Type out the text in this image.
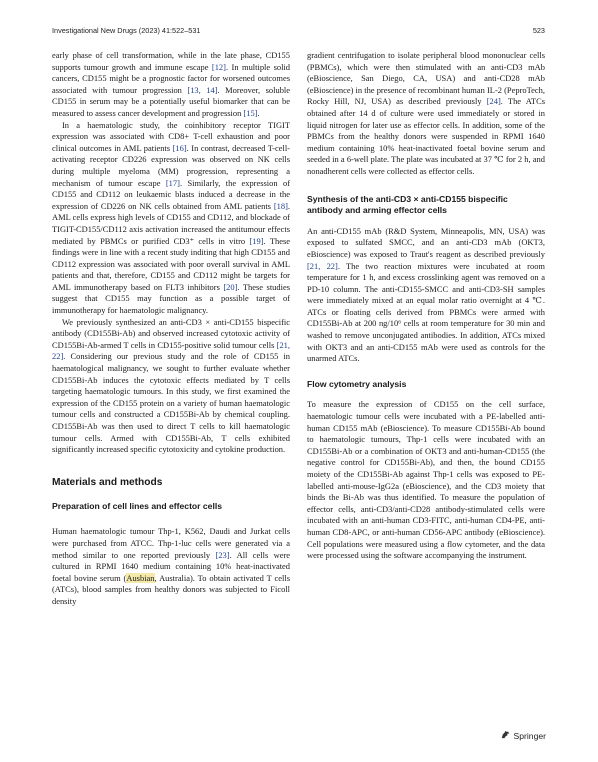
Investigational New Drugs (2023) 41:522–531	523

early phase of cell transformation, while in the late phase, CD155 supports tumour growth and immune escape [12]. In multiple solid cancers, CD155 might be a prognostic factor for worsened outcomes associated with tumour progression [13, 14]. Moreover, soluble CD155 in serum may be a potentially useful biomarker that can be measured to assess cancer development and progression [15].

In a haematologic study, the coinhibitory receptor TIGIT expression was associated with CD8+ T-cell exhaustion and poor clinical outcomes in AML patients [16]. In contrast, decreased T-cell-activating receptor CD226 expression was observed on NK cells during multiple myeloma (MM) progression, representing a mechanism of tumour escape [17]. Similarly, the expression of CD155 and CD112 on leukaemic blasts induced a decrease in the expression of CD226 on NK cells obtained from AML patients [18]. AML cells express high levels of CD155 and CD112, and blockade of TIGIT-CD155/CD112 axis activation increased the antitumour effects mediated by PBMCs or purified CD3⁺ cells in vitro [19]. These findings were in line with a recent study inditing that high CD155 and CD112 expression was associated with poor overall survival in AML patients and that, therefore, CD155 and CD112 might be targets for AML immunotherapy based on FLT3 inhibitors [20]. These studies suggest that CD155 may function as a possible target of immunotherapy for haematologic malignancy.

We previously synthesized an anti-CD3 × anti-CD155 bispecific antibody (CD155Bi-Ab) and observed increased cytotoxic activity of CD155Bi-Ab-armed T cells in CD155-positive solid tumour cells [21, 22]. Considering our previous study and the role of CD155 in haematological malignancy, we sought to further evaluate whether CD155Bi-Ab induces the cytotoxic effects mediated by T cells targeting haematologic tumours. In this study, we first examined the expression of the CD155 protein on a variety of human haematologic tumour cells and constructed a CD155Bi-Ab by chemical coupling. CD155Bi-Ab was then used to direct T cells to kill haematologic tumour cells. Armed with CD155Bi-Ab, T cells exhibited significantly increased specific cytotoxicity and cytokine production.

Materials and methods
Preparation of cell lines and effector cells

Human haematologic tumour Thp-1, K562, Daudi and Jurkat cells were purchased from ATCC. Thp-1-luc cells were generated via a method similar to one reported previously [23]. All cells were cultured in RPMI 1640 medium containing 10% heat-inactivated foetal bovine serum (Ausbian, Australia). To obtain activated T cells (ATCs), blood samples from healthy donors was subjected to Ficoll density

gradient centrifugation to isolate peripheral blood mononuclear cells (PBMCs), which were then stimulated with an anti-CD3 mAb (eBioscience, San Diego, CA, USA) and anti-CD28 mAb (eBioscience) in the presence of recombinant human IL-2 (PeproTech, Rocky Hill, NJ, USA) as described previously [24]. The ATCs obtained after 14 d of culture were used immediately or stored in liquid nitrogen for later use as effector cells. In addition, some of the PBMCs from the healthy donors were suspended in RPMI 1640 medium containing 10% heat-inactivated foetal bovine serum and seeded in a 6-well plate. The plate was incubated at 37 ℃ for 2 h, and nonadherent cells were collected as effector cells.

Synthesis of the anti-CD3 × anti-CD155 bispecific antibody and arming effector cells

An anti-CD155 mAb (R&D System, Minneapolis, MN, USA) was exposed to sulfated SMCC, and an anti-CD3 mAb (OKT3, eBioscience) was exposed to Traut's reagent as described previously [21, 22]. The two reaction mixtures were incubated at room temperature for 1 h, and excess crosslinking agent was removed on a PD-10 column. The anti-CD155-SMCC and anti-CD3-SH samples were immediately mixed at an equal molar ratio overnight at 4 ℃. ATCs or floating cells derived from PBMCs were armed with CD155Bi-Ab at 200 ng/10⁶ cells at room temperature for 30 min and washed to remove unconjugated antibodies. In addition, ATCs mixed with OKT3 and an anti-CD155 mAb were used as controls for the unarmed ATCs.

Flow cytometry analysis

To measure the expression of CD155 on the cell surface, haematologic tumour cells were incubated with a PE-labelled anti-human CD155 mAb (eBioscience). To measure CD155Bi-Ab bound to haematologic tumours, Thp-1 cells were incubated with an CD155Bi-Ab or a combination of OKT3 and anti-human-CD155 (the negative control for CD155Bi-Ab), and then, the bound CD155 moiety of the CD155Bi-Ab against Thp-1 cells was exposed to PE-labelled anti-mouse-IgG2a (eBioscience), and the CD3 moiety that binds the Bi-Ab was thus identified. To measure the population of effector cells, anti-CD3/anti-CD28 antibody-stimulated cells were incubated with an anti-human CD3-FITC, anti-human CD4-PE, anti-human CD8-APC, or anti-human CD56-APC antibody (eBioscience). Cell populations were measured using a flow cytometer, and the data were processed using the software accompanying the instrument.

Springer
